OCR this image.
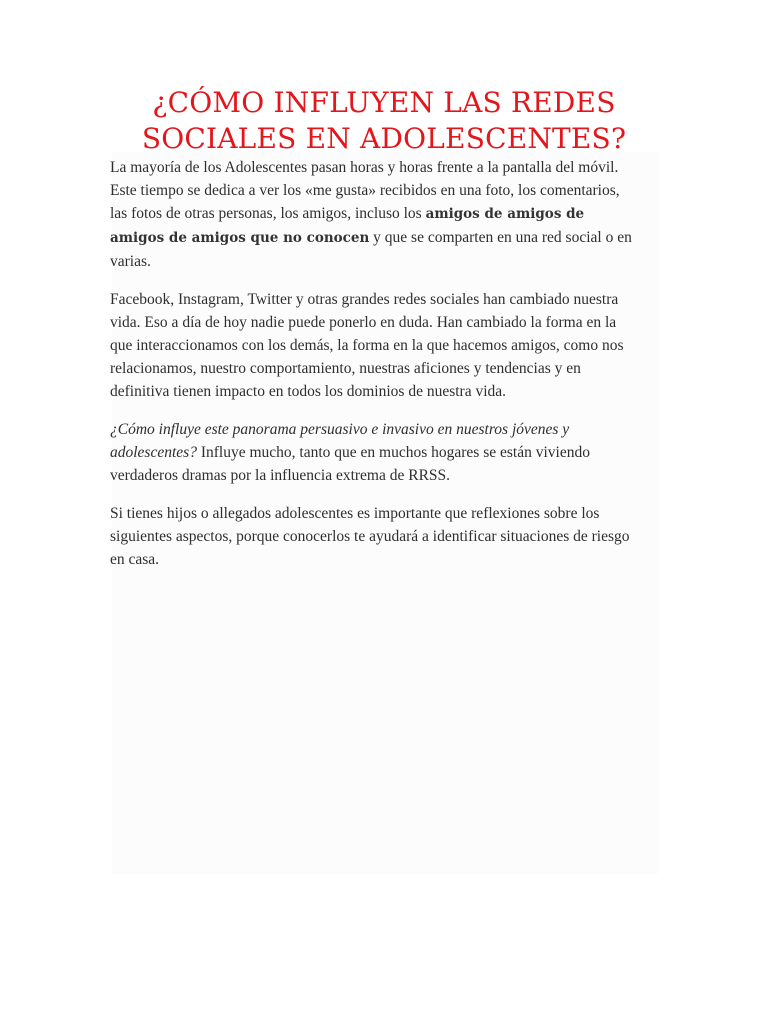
¿CÓMO INFLUYEN LAS REDES
SOCIALES EN ADOLESCENTES?

La mayoría de los Adolescentes pasan horas y horas frente a la pantalla del móvil. Este tiempo se dedica a ver los «me gusta» recibidos en una foto, los comentarios, las fotos de otras personas, los amigos, incluso los amigos de amigos de amigos de amigos que no conocen y que se comparten en una red social o en varias.

Facebook, Instagram, Twitter y otras grandes redes sociales han cambiado nuestra vida. Eso a día de hoy nadie puede ponerlo en duda. Han cambiado la forma en la que interaccionamos con los demás, la forma en la que hacemos amigos, como nos relacionamos, nuestro comportamiento, nuestras aficiones y tendencias y en definitiva tienen impacto en todos los dominios de nuestra vida.

¿Cómo influye este panorama persuasivo e invasivo en nuestros jóvenes y adolescentes? Influye mucho, tanto que en muchos hogares se están viviendo verdaderos dramas por la influencia extrema de RRSS.

Si tienes hijos o allegados adolescentes es importante que reflexiones sobre los siguientes aspectos, porque conocerlos te ayudará a identificar situaciones de riesgo en casa.
